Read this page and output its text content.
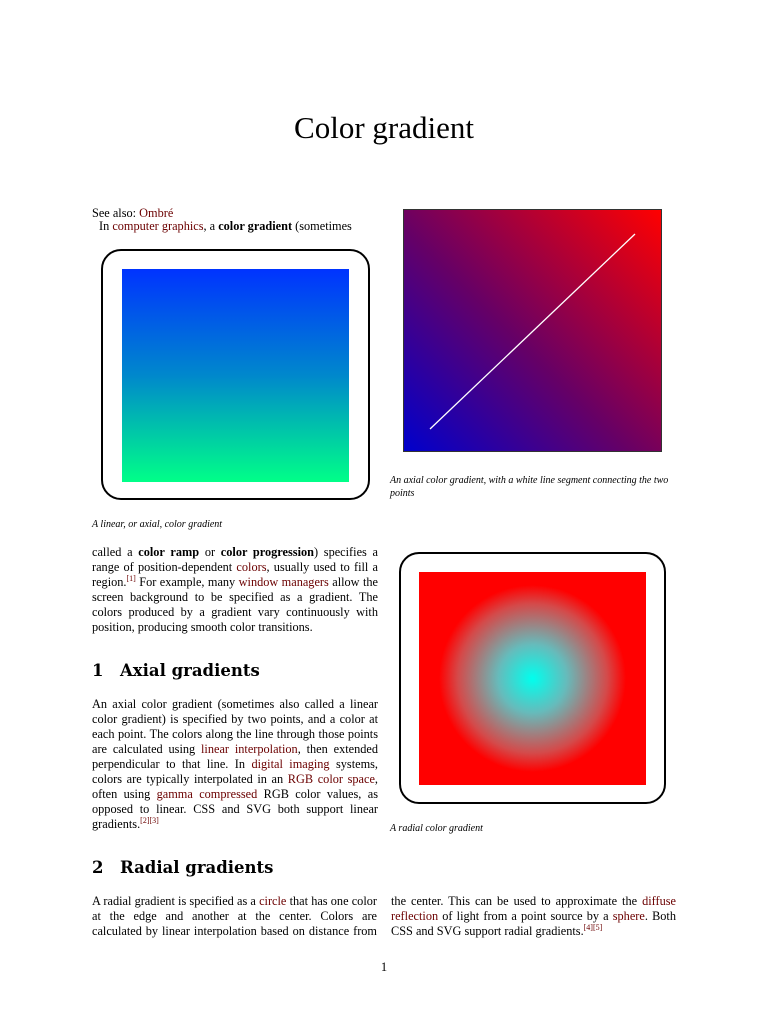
Color gradient

See also: Ombré

In computer graphics, a color gradient (sometimes

A linear, or axial, color gradient

called a color ramp or color progression) specifies a range of position-dependent colors, usually used to fill a region.[1] For example, many window managers allow the screen background to be specified as a gradient. The colors produced by a gradient vary continuously with position, producing smooth color transitions.

1 Axial gradients

An axial color gradient (sometimes also called a linear color gradient) is specified by two points, and a color at each point. The colors along the line through those points are calculated using linear interpolation, then extended perpendicular to that line. In digital imaging systems, colors are typically interpolated in an RGB color space, often using gamma compressed RGB color values, as opposed to linear. CSS and SVG both support linear gradients.[2][3]

An axial color gradient, with a white line segment connecting the two points

A radial color gradient

2 Radial gradients
A radial gradient is specified as a circle that has one color at the edge and another at the center. Colors are calculated by linear interpolation based on distance from the center. This can be used to approximate the diffuse reflection of light from a point source by a sphere. Both CSS and SVG support radial gradients.[4][5]
1
